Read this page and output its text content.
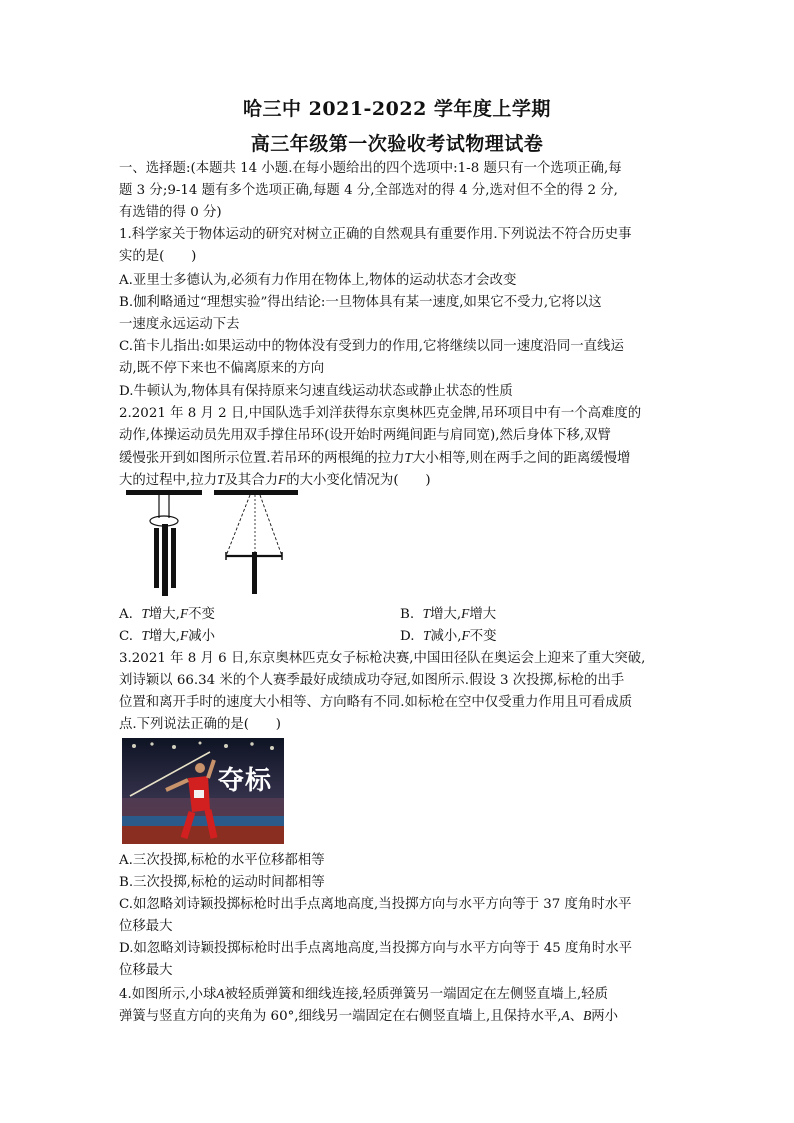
哈三中 2021-2022 学年度上学期
高三年级第一次验收考试物理试卷
一、选择题:(本题共 14 小题.在每小题给出的四个选项中:1-8 题只有一个选项正确,每
题 3 分;9-14 题有多个选项正确,每题 4 分,全部选对的得 4 分,选对但不全的得 2 分,
有选错的得 0 分)
1.科学家关于物体运动的研究对树立正确的自然观具有重要作用.下列说法不符合历史事
实的是(　　)
A.亚里士多德认为,必须有力作用在物体上,物体的运动状态才会改变
B.伽利略通过“理想实验”得出结论:一旦物体具有某一速度,如果它不受力,它将以这
一速度永远运动下去
C.笛卡儿指出:如果运动中的物体没有受到力的作用,它将继续以同一速度沿同一直线运
动,既不停下来也不偏离原来的方向
D.牛顿认为,物体具有保持原来匀速直线运动状态或静止状态的性质
2.2021 年 8 月 2 日,中国队选手刘洋获得东京奥林匹克金牌,吊环项目中有一个高难度的
动作,体操运动员先用双手撑住吊环(设开始时两绳间距与肩同宽),然后身体下移,双臂
缓慢张开到如图所示位置.若吊环的两根绳的拉力T大小相等,则在两手之间的距离缓慢增
大的过程中,拉力T及其合力F的大小变化情况为(　　)
A. T增大,F不变	B. T增大,F增大
C. T增大,F减小	D. T减小,F不变
3.2021 年 8 月 6 日,东京奥林匹克女子标枪决赛,中国田径队在奥运会上迎来了重大突破,
刘诗颖以 66.34 米的个人赛季最好成绩成功夺冠,如图所示.假设 3 次投掷,标枪的出手
位置和离开手时的速度大小相等、方向略有不同.如标枪在空中仅受重力作用且可看成质
点.下列说法正确的是(　　)
夺标
A.三次投掷,标枪的水平位移都相等
B.三次投掷,标枪的运动时间都相等
C.如忽略刘诗颖投掷标枪时出手点离地高度,当投掷方向与水平方向等于 37 度角时水平
位移最大
D.如忽略刘诗颖投掷标枪时出手点离地高度,当投掷方向与水平方向等于 45 度角时水平
位移最大
4.如图所示,小球A被轻质弹簧和细线连接,轻质弹簧另一端固定在左侧竖直墙上,轻质
弹簧与竖直方向的夹角为 60°,细线另一端固定在右侧竖直墙上,且保持水平,A、B两小
